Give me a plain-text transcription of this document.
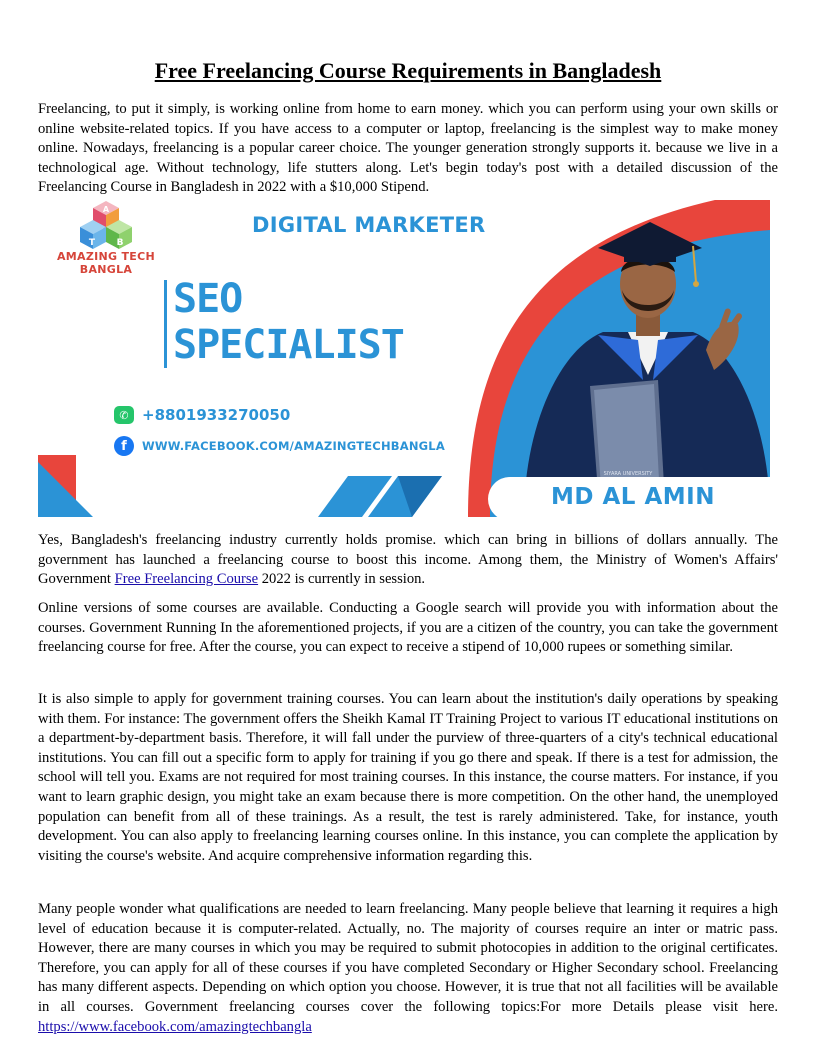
Free Freelancing Course Requirements in Bangladesh

Freelancing, to put it simply, is working online from home to earn money. which you can perform using your own skills or online website-related topics. If you have access to a computer or laptop, freelancing is the simplest way to make money online. Nowadays, freelancing is a popular career choice. The younger generation strongly supports it. because we live in a technological age. Without technology, life stutters along. Let's begin today's post with a detailed discussion of the Freelancing Course in Bangladesh in 2022 with a $10,000 Stipend.

A
T B
SIYARA UNIVERSITY
AMAZING TECH
BANGLA
DIGITAL MARKETER
SEO
SPECIALIST
✆ +8801933270050
f	WWW.FACEBOOK.COM/AMAZINGTECHBANGLA
MD AL AMIN

Yes, Bangladesh's freelancing industry currently holds promise. which can bring in billions of dollars annually. The government has launched a freelancing course to boost this income. Among them, the Ministry of Women's Affairs' Government Free Freelancing Course 2022 is currently in session.

Online versions of some courses are available. Conducting a Google search will provide you with information about the courses. Government Running In the aforementioned projects, if you are a citizen of the country, you can take the government freelancing course for free. After the course, you can expect to receive a stipend of 10,000 rupees or something similar.

It is also simple to apply for government training courses. You can learn about the institution's daily operations by speaking with them. For instance: The government offers the Sheikh Kamal IT Training Project to various IT educational institutions on a department-by-department basis. Therefore, it will fall under the purview of three-quarters of a city's technical educational institutions. You can fill out a specific form to apply for training if you go there and speak. If there is a test for admission, the school will tell you. Exams are not required for most training courses. In this instance, the course matters. For instance, if you want to learn graphic design, you might take an exam because there is more competition. On the other hand, the unemployed population can benefit from all of these trainings. As a result, the test is rarely administered. Take, for instance, youth development. You can also apply to freelancing learning courses online. In this instance, you can complete the application by visiting the course's website. And acquire comprehensive information regarding this.

Many people wonder what qualifications are needed to learn freelancing. Many people believe that learning it requires a high level of education because it is computer-related. Actually, no. The majority of courses require an inter or matric pass. However, there are many courses in which you may be required to submit photocopies in addition to the original certificates. Therefore, you can apply for all of these courses if you have completed Secondary or Higher Secondary school. Freelancing has many different aspects. Depending on which option you choose. However, it is true that not all facilities will be available in all courses. Government freelancing courses cover the following topics:For more Details please visit here. https://www.facebook.com/amazingtechbangla
